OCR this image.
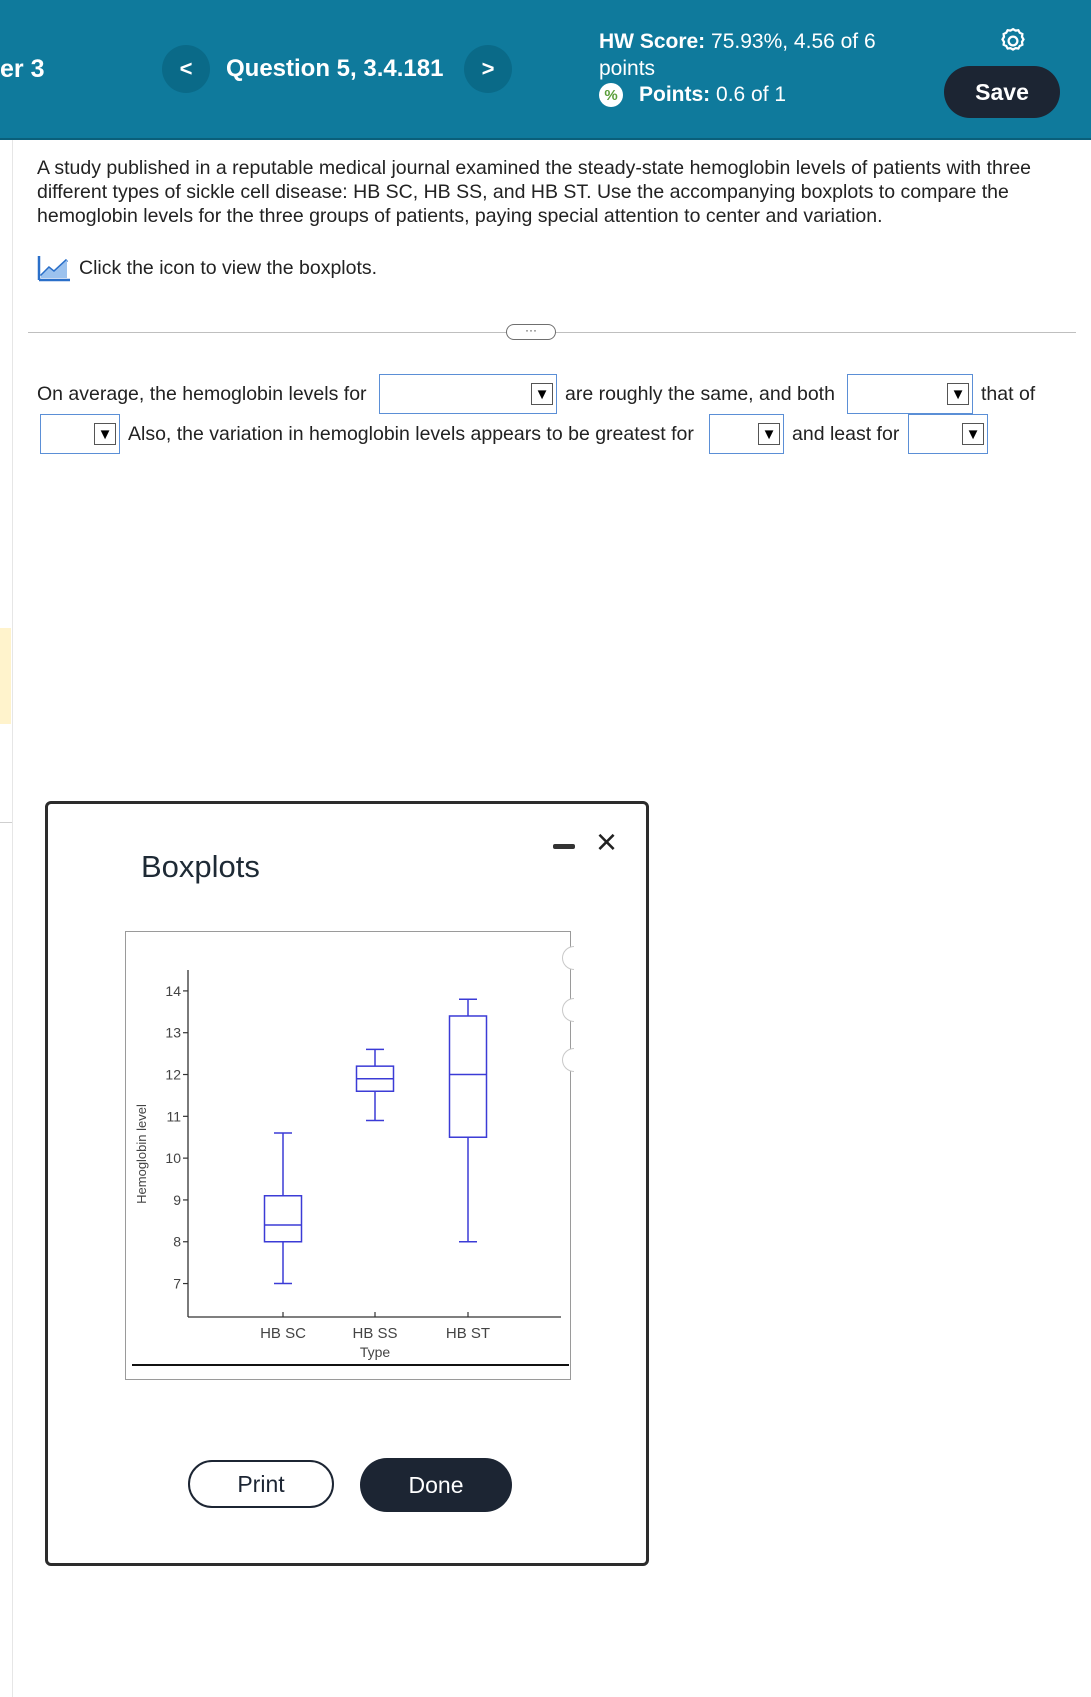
er 3	< Question 5, 3.4.181 >
HW Score: 75.93%, 4.56 of 6 points
% Points:
0.6 of 1	Save
A study published in a reputable medical journal examined the steady-state hemoglobin levels of patients with three different types of sickle cell disease: HB SC, HB SS, and HB ST. Use the accompanying boxplots to compare the hemoglobin levels for the three groups of patients, paying special attention to center and variation.
Click the icon to view the boxplots.
···
On average, the hemoglobin levels for	▼ are roughly the same, and both	▼ that of
▼ Also, the variation in hemoglobin levels appears to be greatest for	▼ and least for	▼
Boxplots
×
7
8
9
10
11
12
13
14
Hemoglobin level
HB SC	HB SS	HB ST
Type
Print	Done
